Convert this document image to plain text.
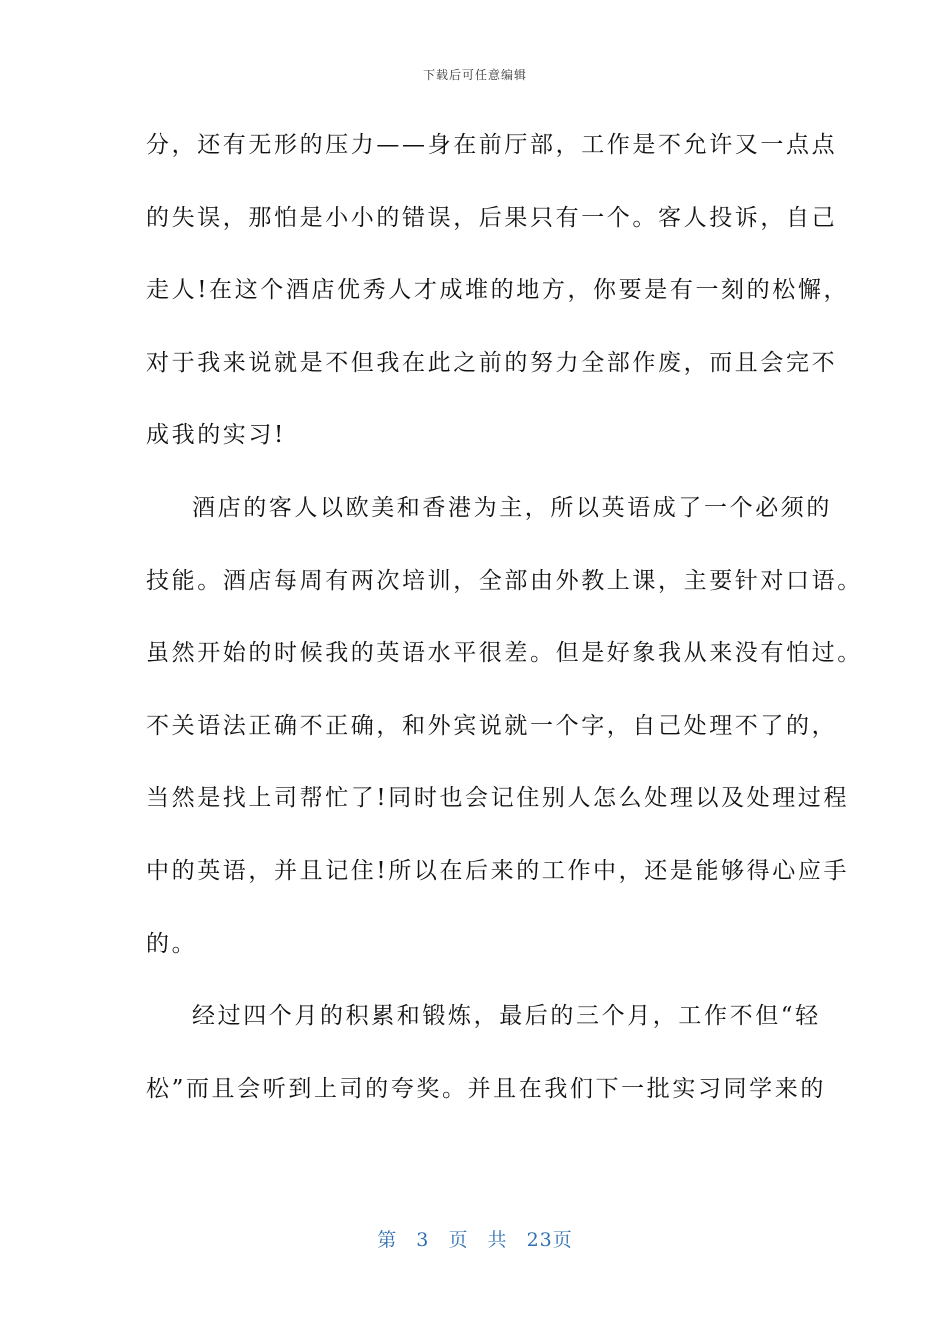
下载后可任意编辑
分，还有无形的压力——身在前厅部，工作是不允许又一点点
的失误，那怕是小小的错误，后果只有一个。客人投诉，自己
走人!在这个酒店优秀人才成堆的地方，你要是有一刻的松懈，
对于我来说就是不但我在此之前的努力全部作废，而且会完不
成我的实习!
酒店的客人以欧美和香港为主，所以英语成了一个必须的
技能。酒店每周有两次培训，全部由外教上课，主要针对口语。
虽然开始的时候我的英语水平很差。但是好象我从来没有怕过。
不关语法正确不正确，和外宾说就一个字，自己处理不了的，
当然是找上司帮忙了!同时也会记住别人怎么处理以及处理过程
中的英语，并且记住!所以在后来的工作中，还是能够得心应手
的。
经过四个月的积累和锻炼，最后的三个月，工作不但“轻
松”而且会听到上司的夸奖。并且在我们下一批实习同学来的
第 3 页 共 23页
